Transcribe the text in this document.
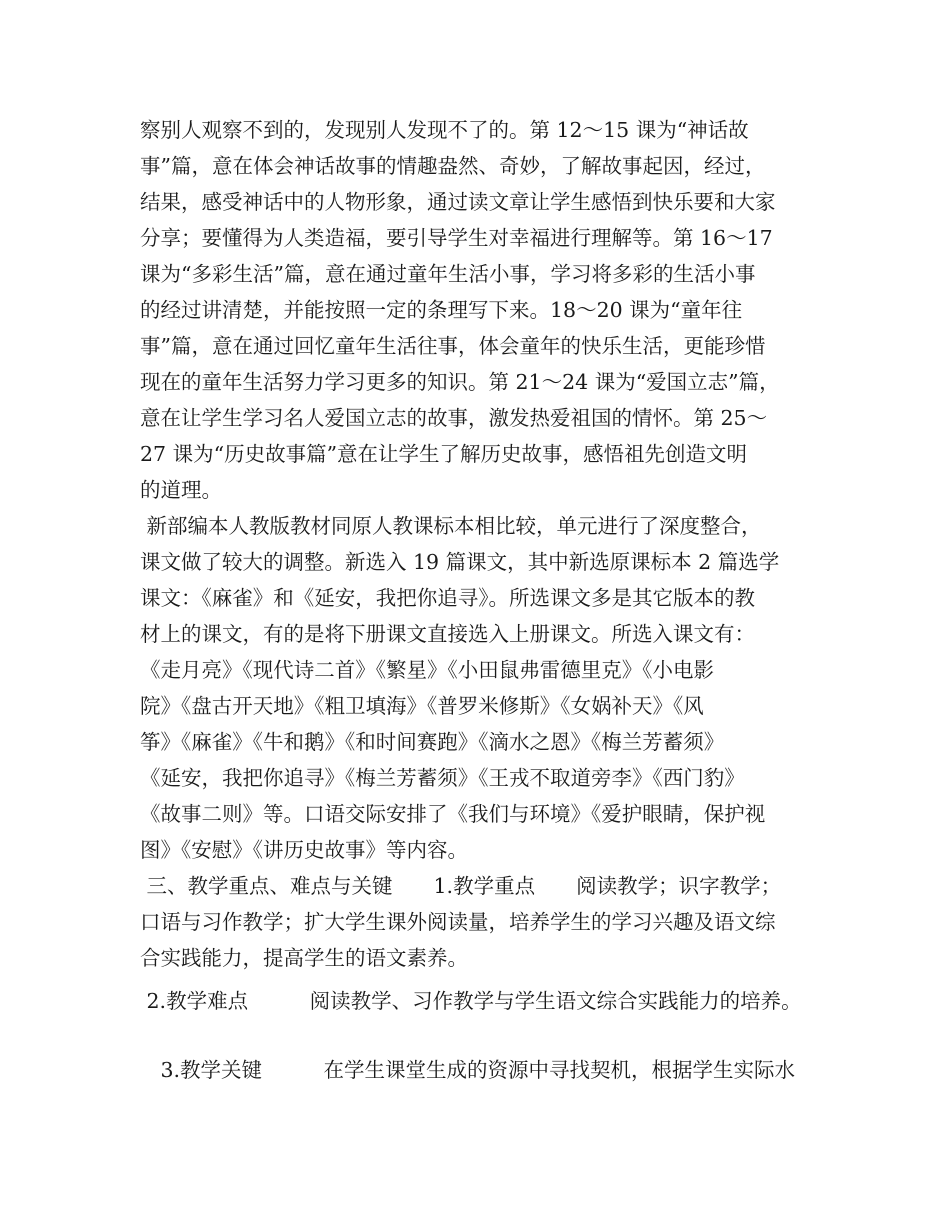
察别人观察不到的，发现别人发现不了的。第 12～15 课为“神话故
事”篇，意在体会神话故事的情趣盎然、奇妙，了解故事起因，经过，
结果，感受神话中的人物形象，通过读文章让学生感悟到快乐要和大家
分享；要懂得为人类造福，要引导学生对幸福进行理解等。第 16～17
课为“多彩生活”篇，意在通过童年生活小事，学习将多彩的生活小事
的经过讲清楚，并能按照一定的条理写下来。18～20 课为“童年往
事”篇，意在通过回忆童年生活往事，体会童年的快乐生活，更能珍惜
现在的童年生活努力学习更多的知识。第 21～24 课为“爱国立志”篇，
意在让学生学习名人爱国立志的故事，激发热爱祖国的情怀。第 25～
27 课为“历史故事篇”意在让学生了解历史故事，感悟祖先创造文明
的道理。
新部编本人教版教材同原人教课标本相比较，单元进行了深度整合，
课文做了较大的调整。新选入 19 篇课文，其中新选原课标本 2 篇选学
课文：《麻雀》和《延安，我把你追寻》。所选课文多是其它版本的教
材上的课文，有的是将下册课文直接选入上册课文。所选入课文有：
《走月亮》《现代诗二首》《繁星》《小田鼠弗雷德里克》《小电影
院》《盘古开天地》《粗卫填海》《普罗米修斯》《女娲补天》《风
筝》《麻雀》《牛和鹅》《和时间赛跑》《滴水之恩》《梅兰芳蓄须》
《延安，我把你追寻》《梅兰芳蓄须》《王戎不取道旁李》《西门豹》
《故事二则》等。口语交际安排了《我们与环境》《爱护眼睛，保护视
图》《安慰》《讲历史故事》等内容。
三、教学重点、难点与关键　　1.教学重点　　阅读教学；识字教学；
口语与习作教学；扩大学生课外阅读量，培养学生的学习兴趣及语文综
合实践能力，提高学生的语文素养。
2.教学难点　　　阅读教学、习作教学与学生语文综合实践能力的培养。
　3.教学关键　　　在学生课堂生成的资源中寻找契机，根据学生实际水
